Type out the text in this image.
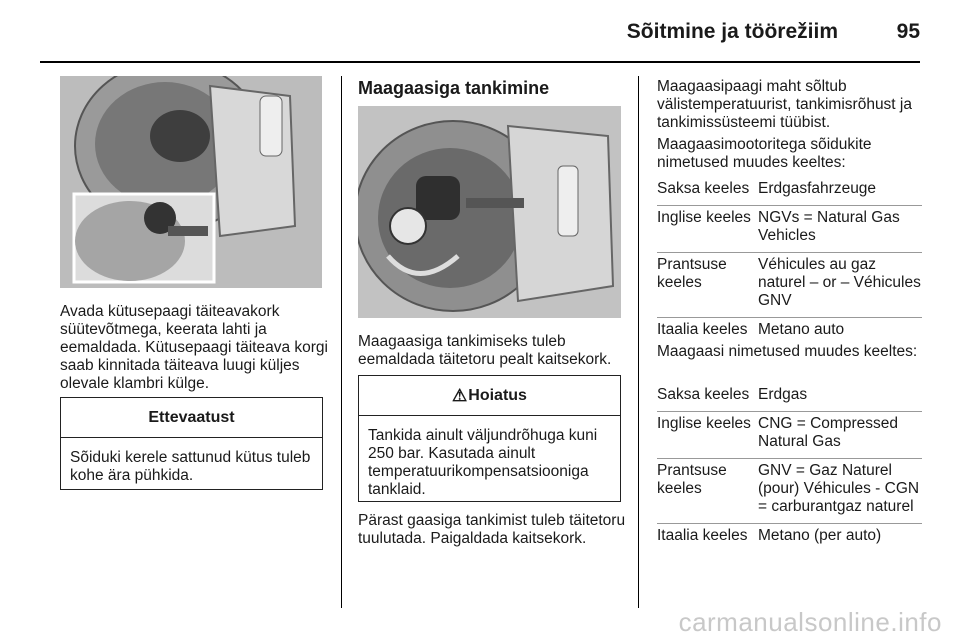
Sõitmine ja töörežiim	95

Avada kütusepaagi täiteavakork süütevõtmega, keerata lahti ja eemaldada. Kütusepaagi täiteava korgi saab kinnitada täiteava luugi küljes olevale klambri külge.

Ettevaatust
Sõiduki kerele sattunud kütus tuleb kohe ära pühkida.
Maagaasiga tankimine
Maagaasiga tankimiseks tuleb eemaldada täitetoru pealt kaitsekork.
⚠ Hoiatus
Tankida ainult väljundrõhuga kuni 250 bar. Kasutada ainult temperatuurikompensatsiooniga tanklaid.
Pärast gaasiga tankimist tuleb täitetoru tuulutada. Paigaldada kaitsekork.
Maagaasipaagi maht sõltub välistemperatuurist, tankimisrõhust ja tankimissüsteemi tüübist.
Maagaasimootoritega sõidukite nimetused muudes keeltes:
Saksa keeles Erdgasfahrzeuge
Inglise keeles NGVs = Natural Gas Vehicles
Prantsuse keeles
Véhicules au gaz naturel – or – Véhicules GNV
Itaalia keeles Metano auto
Maagaasi nimetused muudes keeltes:
Saksa keeles Erdgas
Inglise keeles CNG = Compressed Natural Gas
Prantsuse keeles
GNV = Gaz Naturel (pour) Véhicules - CGN = carburantgaz naturel
Itaalia keeles Metano (per auto)
carmanualsonline.info
